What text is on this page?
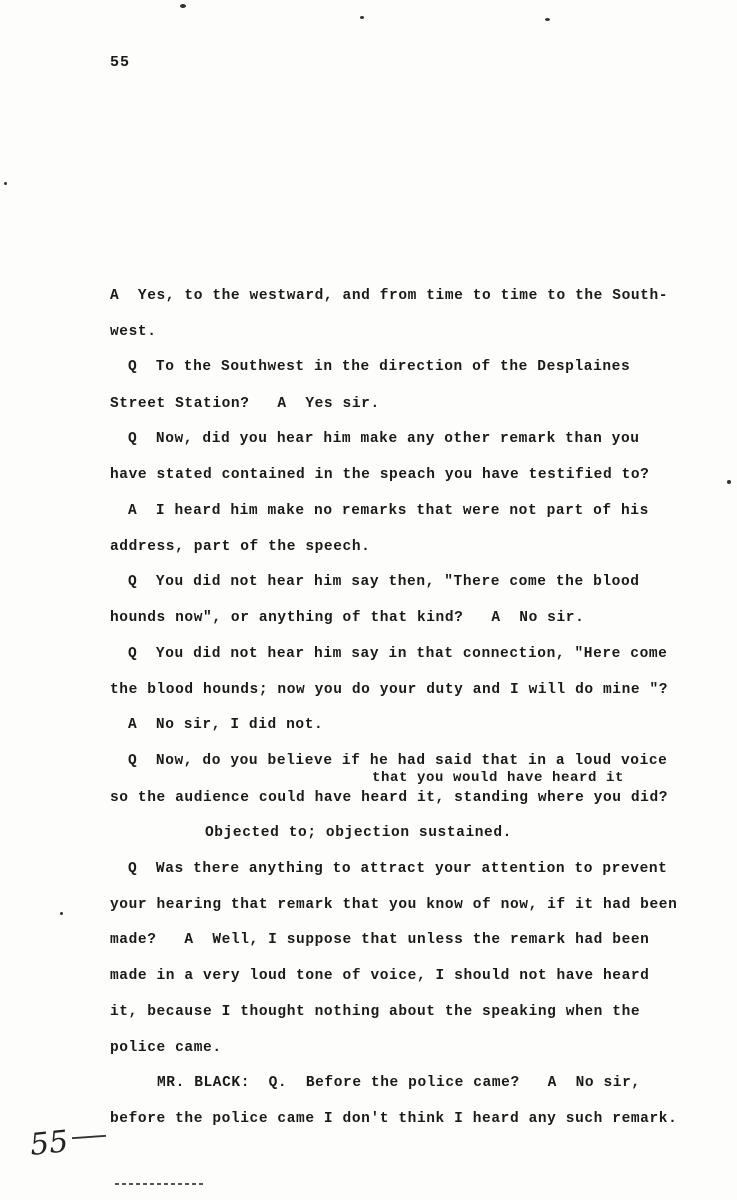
55
A  Yes, to the westward, and from time to time to the South-
west.
Q  To the Southwest in the direction of the Desplaines
Street Station?   A  Yes sir.
Q  Now, did you hear him make any other remark than you
have stated contained in the speach you have testified to?
A  I heard him make no remarks that were not part of his
address, part of the speech.
Q  You did not hear him say then, "There come the blood
hounds now", or anything of that kind?   A  No sir.
Q  You did not hear him say in that connection, "Here come
the blood hounds; now you do your duty and I will do mine "?
A  No sir, I did not.
Q  Now, do you believe if he had said that in a loud voice
that you would have heard it
so the audience could have heard it, standing where you did?
Objected to; objection sustained.
Q  Was there anything to attract your attention to prevent
your hearing that remark that you know of now, if it had been
made?   A  Well, I suppose that unless the remark had been
made in a very loud tone of voice, I should not have heard
it, because I thought nothing about the speaking when the
police came.
MR. BLACK:  Q.  Before the police came?   A  No sir,
before the police came I don't think I heard any such remark.
55
